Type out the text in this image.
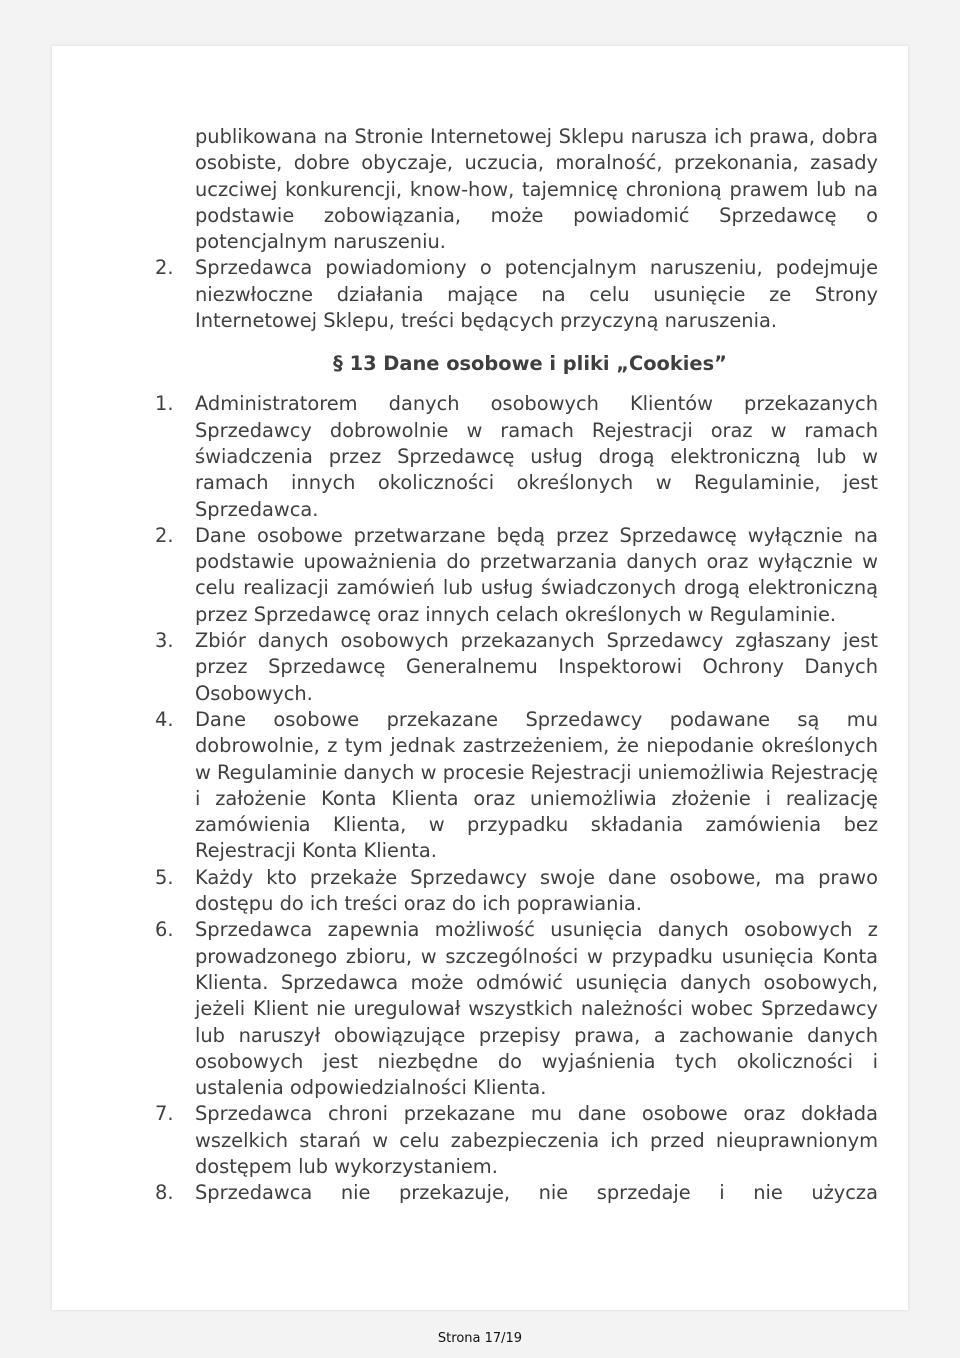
publikowana na Stronie Internetowej Sklepu narusza ich prawa, dobra osobiste, dobre obyczaje, uczucia, moralność, przekonania, zasady uczciwej konkurencji, know-how, tajemnicę chronioną prawem lub na podstawie zobowiązania, może powiadomić Sprzedawcę o potencjalnym naruszeniu.

2. Sprzedawca powiadomiony o potencjalnym naruszeniu, podejmuje niezwłoczne działania mające na celu usunięcie ze Strony Internetowej Sklepu, treści będących przyczyną naruszenia.
§ 13 Dane osobowe i pliki „Cookies”
1. Administratorem danych osobowych Klientów przekazanych Sprzedawcy dobrowolnie w ramach Rejestracji oraz w ramach świadczenia przez Sprzedawcę usług drogą elektroniczną lub w ramach innych okoliczności określonych w Regulaminie, jest Sprzedawca.
2. Dane osobowe przetwarzane będą przez Sprzedawcę wyłącznie na podstawie upoważnienia do przetwarzania danych oraz wyłącznie w celu realizacji zamówień lub usług świadczonych drogą elektroniczną przez Sprzedawcę oraz innych celach określonych w Regulaminie.
3. Zbiór danych osobowych przekazanych Sprzedawcy zgłaszany jest przez Sprzedawcę Generalnemu Inspektorowi Ochrony Danych Osobowych.
4. Dane osobowe przekazane Sprzedawcy podawane są mu dobrowolnie, z tym jednak zastrzeżeniem, że niepodanie określonych w Regulaminie danych w procesie Rejestracji uniemożliwia Rejestrację i założenie Konta Klienta oraz uniemożliwia złożenie i realizację zamówienia Klienta, w przypadku składania zamówienia bez Rejestracji Konta Klienta.
5. Każdy kto przekaże Sprzedawcy swoje dane osobowe, ma prawo dostępu do ich treści oraz do ich poprawiania.
6. Sprzedawca zapewnia możliwość usunięcia danych osobowych z prowadzonego zbioru, w szczególności w przypadku usunięcia Konta Klienta. Sprzedawca może odmówić usunięcia danych osobowych, jeżeli Klient nie uregulował wszystkich należności wobec Sprzedawcy lub naruszył obowiązujące przepisy prawa, a zachowanie danych osobowych jest niezbędne do wyjaśnienia tych okoliczności i ustalenia odpowiedzialności Klienta.
7. Sprzedawca chroni przekazane mu dane osobowe oraz dokłada wszelkich starań w celu zabezpieczenia ich przed nieuprawnionym dostępem lub wykorzystaniem.
8. Sprzedawca nie przekazuje, nie sprzedaje i nie użycza
Strona 17/19
